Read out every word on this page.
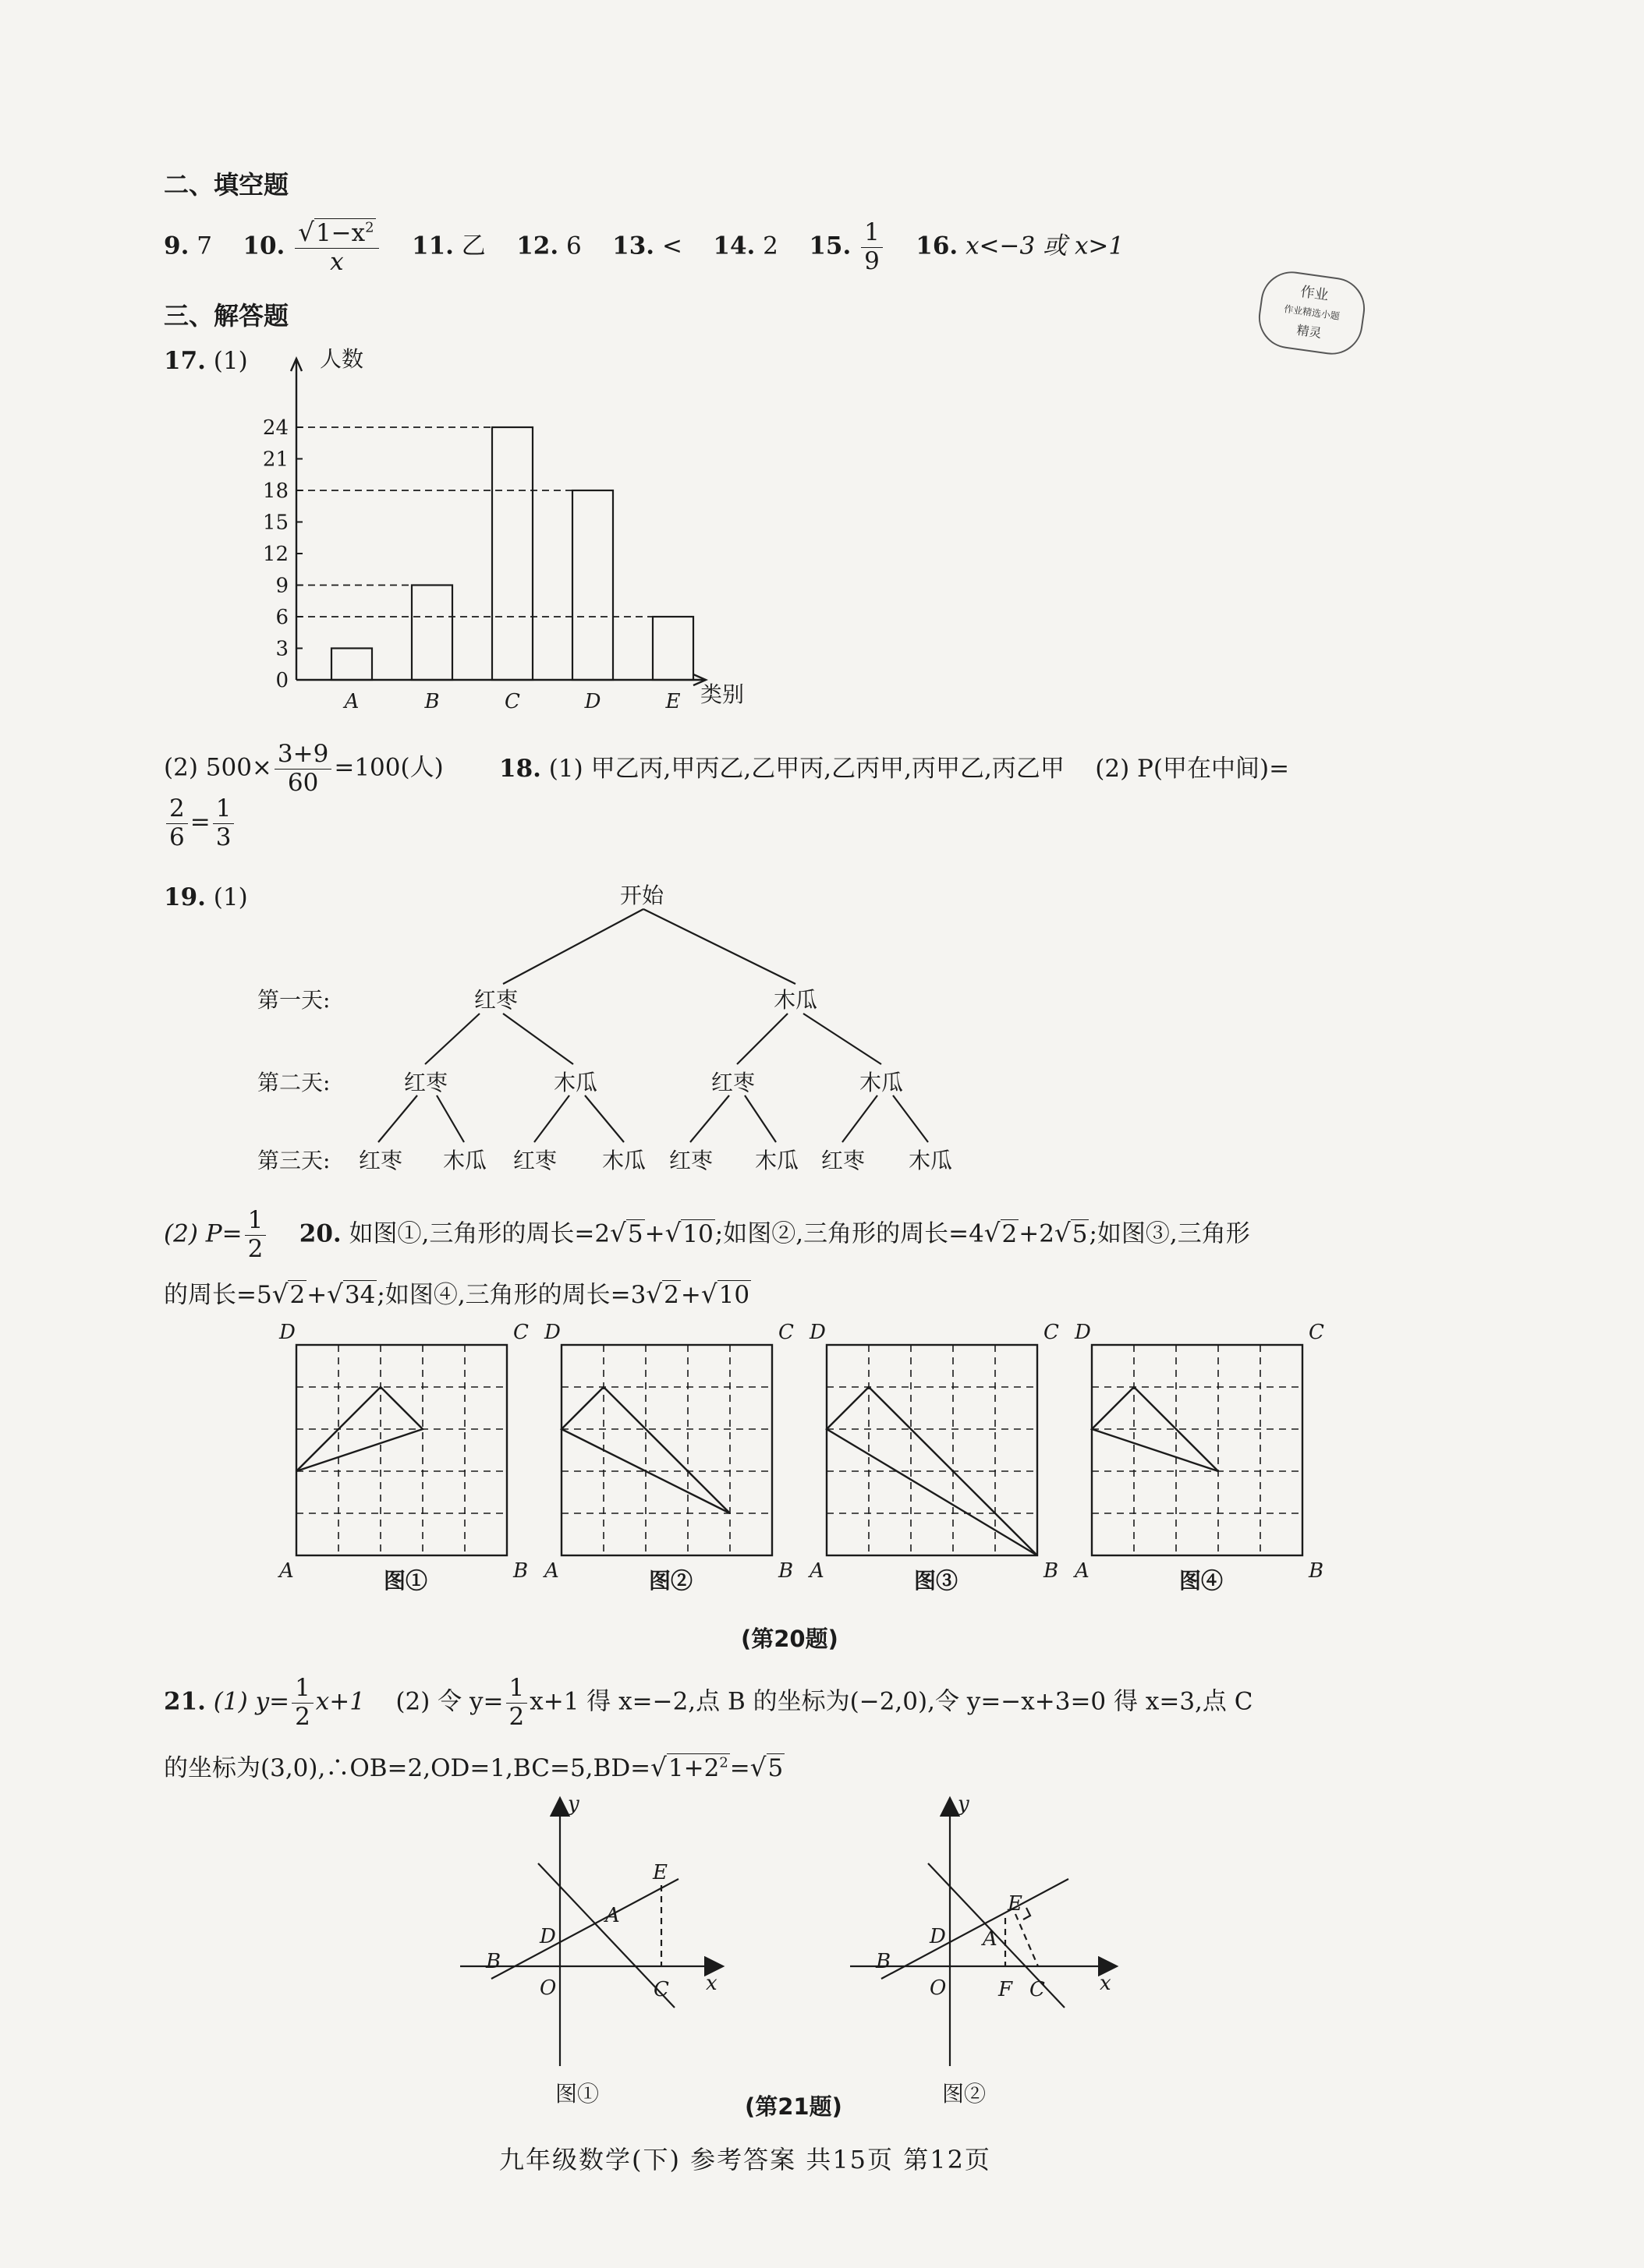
二、填空题
9. 7 10. $\frac{√1-x^2}{x} 11$. 乙 12. 6 13. < 14. 2 15. $\frac{1}{9} 16$. x<−3 或 x>1
作业
作业精选小题
精灵
三、解答题
17. (1)	人数
类别
0
3
6
9
12
15
18
21
24
A	B	C	D	E
(2) $500\times \frac{3+9}{60} =100$(人) 18. (1) 甲乙丙,甲丙乙,乙甲丙,乙丙甲,丙甲乙,丙乙甲 (2) P(甲在中间)=
$\frac{2}{6} = \frac{1}{3}$
19. (1)	开始
第一天:
第二天:
第三天:
红枣	木瓜
红枣	木瓜	红枣	木瓜
红枣 木瓜 红枣 木瓜 红枣 木瓜 红枣 木瓜
(2) $P= \frac{1}{2} 20$. 如图①,三角形的周长=2√5+√10;如图②,三角形的周长=4√2+2√5;如图③,三角形
的周长=5√2+√34;如图④,三角形的周长=3√2+√10
D	C
A	B
图①
D	C
A	B
图②
D	C
A	B
图③
D	C
A	B
图④
(第20题)
21. (1) $y= \frac{1}{2} x+1$ (2) 令 $y= \frac{1}{2} x+1$ 得 x=−2,点 B 的坐标为(−2,0),令 y=−x+3=0 得 x=3,点 C
的坐标为$(3,0),\therefore OB=2,OD=1,BC=5,BD=√1+2^2=√5$
x
y
O
B
C
D
A
E
图①
x
y
O
B
C
F
D A
E
图②
(第21题)
九年级数学(下) 参考答案 共15页 第12页
